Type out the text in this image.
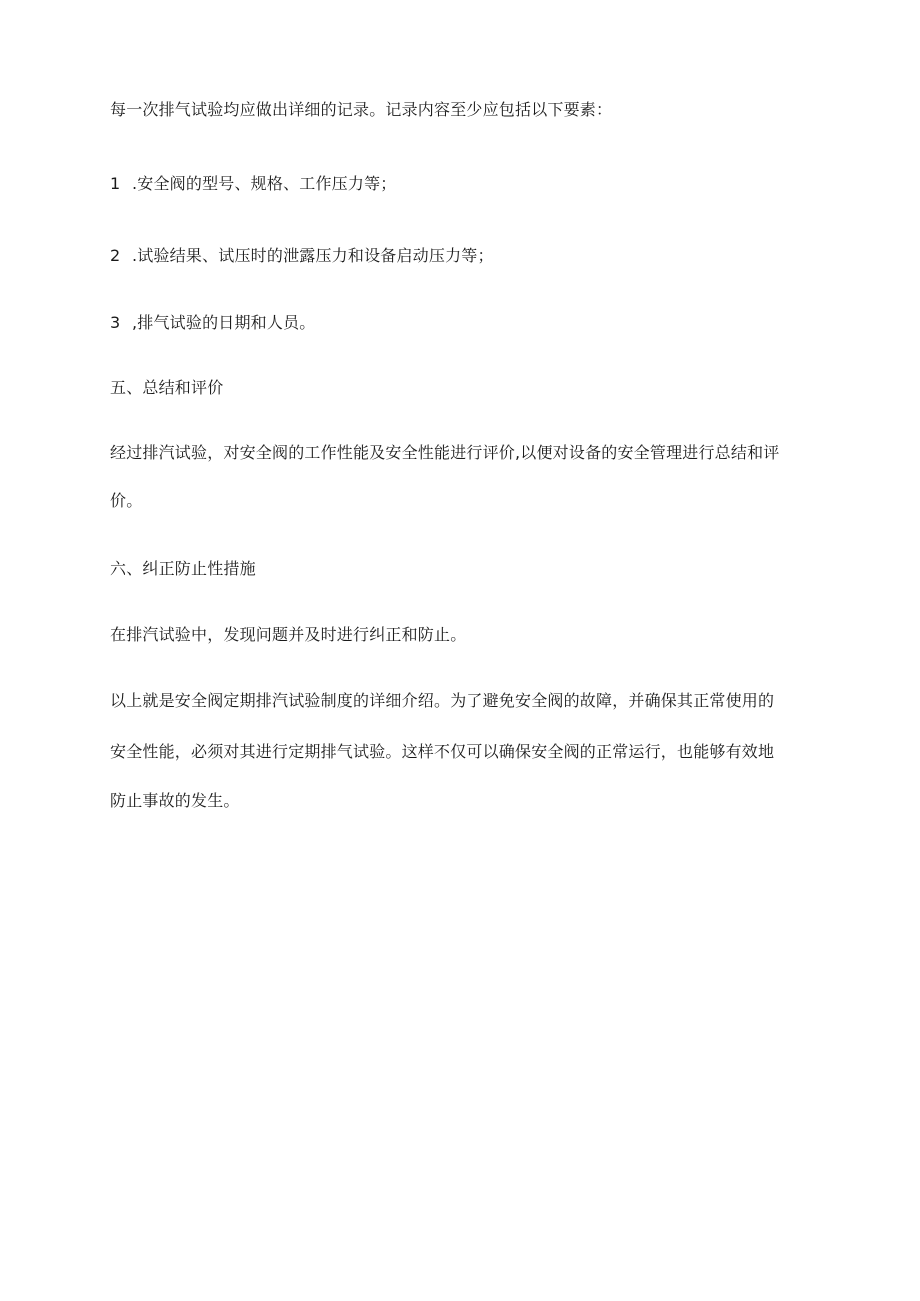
每一次排气试验均应做出详细的记录。记录内容至少应包括以下要素：
1 .安全阀的型号、规格、工作压力等；
2 .试验结果、试压时的泄露压力和设备启动压力等；
3 ,排气试验的日期和人员。
五、总结和评价
经过排汽试验，对安全阀的工作性能及安全性能进行评价,以便对设备的安全管理进行总结和评
价。
六、纠正防止性措施
在排汽试验中，发现问题并及时进行纠正和防止。
以上就是安全阀定期排汽试验制度的详细介绍。为了避免安全阀的故障，并确保其正常使用的
安全性能，必须对其进行定期排气试验。这样不仅可以确保安全阀的正常运行，也能够有效地
防止事故的发生。
